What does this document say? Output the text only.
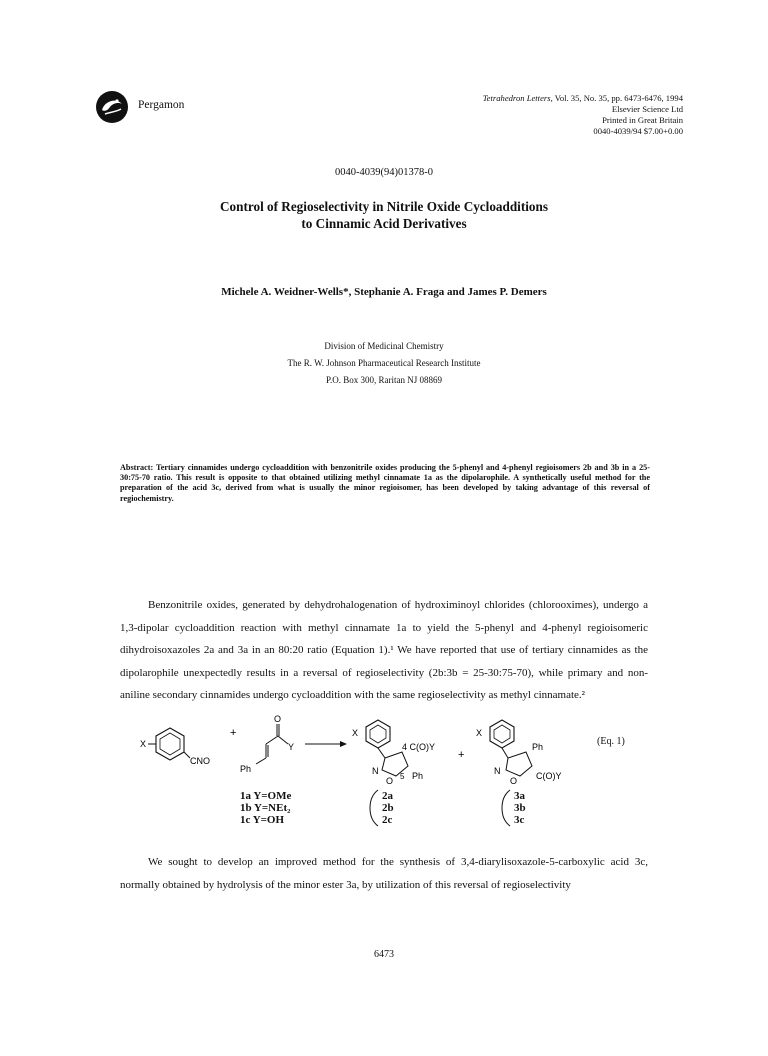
Pergamon
Tetrahedron Letters, Vol. 35, No. 35, pp. 6473-6476, 1994
Elsevier Science Ltd
Printed in Great Britain
0040-4039/94 $7.00+0.00
0040-4039(94)01378-0
Control of Regioselectivity in Nitrile Oxide Cycloadditions
to Cinnamic Acid Derivatives
Michele A. Weidner-Wells*, Stephanie A. Fraga and James P. Demers
Division of Medicinal Chemistry
The R. W. Johnson Pharmaceutical Research Institute
P.O. Box 300, Raritan NJ 08869
Abstract: Tertiary cinnamides undergo cycloaddition with benzonitrile oxides producing the 5-phenyl and 4-phenyl regioisomers 2b and 3b in a 25-30:75-70 ratio. This result is opposite to that obtained utilizing methyl cinnamate 1a as the dipolarophile. A synthetically useful method for the preparation of the acid 3c, derived from what is usually the minor regioisomer, has been developed by taking advantage of this reversal of regiochemistry.
Benzonitrile oxides, generated by dehydrohalogenation of hydroximinoyl chlorides (chlorooximes), undergo a 1,3-dipolar cycloaddition reaction with methyl cinnamate 1a to yield the 5-phenyl and 4-phenyl regioisomeric dihydroisoxazoles 2a and 3a in an 80:20 ratio (Equation 1).¹ We have reported that use of tertiary cinnamides as the dipolarophile unexpectedly results in a reversal of regioselectivity (2b:3b = 25-30:75-70), while primary and non-aniline secondary cinnamides undergo cycloaddition with the same regioselectivity as methyl cinnamate.²
X
CNO
+
O
Y
Ph
X
4 C(O)Y
N
O 5 Ph
+
X
Ph
N
O C(O)Y
(Eq. 1)
1a Y=OMe
1b Y=NEt₂
1c Y=OH
2a
2b
2c
3a
3b
3c
We sought to develop an improved method for the synthesis of 3,4-diarylisoxazole-5-carboxylic acid 3c, normally obtained by hydrolysis of the minor ester 3a, by utilization of this reversal of regioselectivity
6473
